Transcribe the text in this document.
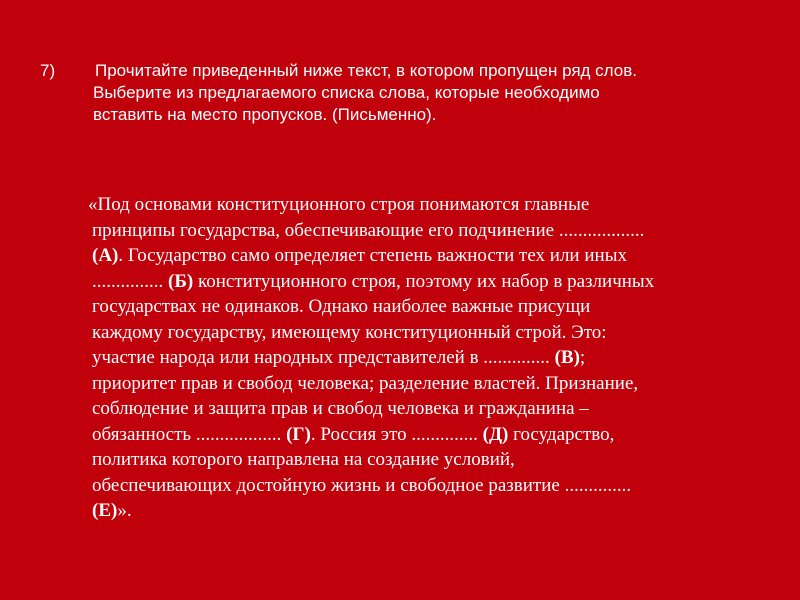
7) Прочитайте приведенный ниже текст, в котором пропущен ряд слов.
Выберите из предлагаемого списка слова, которые необходимо
вставить на место пропусков. (Письменно).
«Под основами конституционного строя понимаются главные
принципы государства, обеспечивающие его подчинение ..................
(А). Государство само определяет степень важности тех или иных
............... (Б) конституционного строя, поэтому их набор в различных
государствах не одинаков. Однако наиболее важные присущи
каждому государству, имеющему конституционный строй. Это:
участие народа или народных представителей в .............. (В);
приоритет прав и свобод человека; разделение властей. Признание,
соблюдение и защита прав и свобод человека и гражданина –
обязанность .................. (Г). Россия это .............. (Д) государство,
политика которого направлена на создание условий,
обеспечивающих достойную жизнь и свободное развитие ..............
(Е)».
